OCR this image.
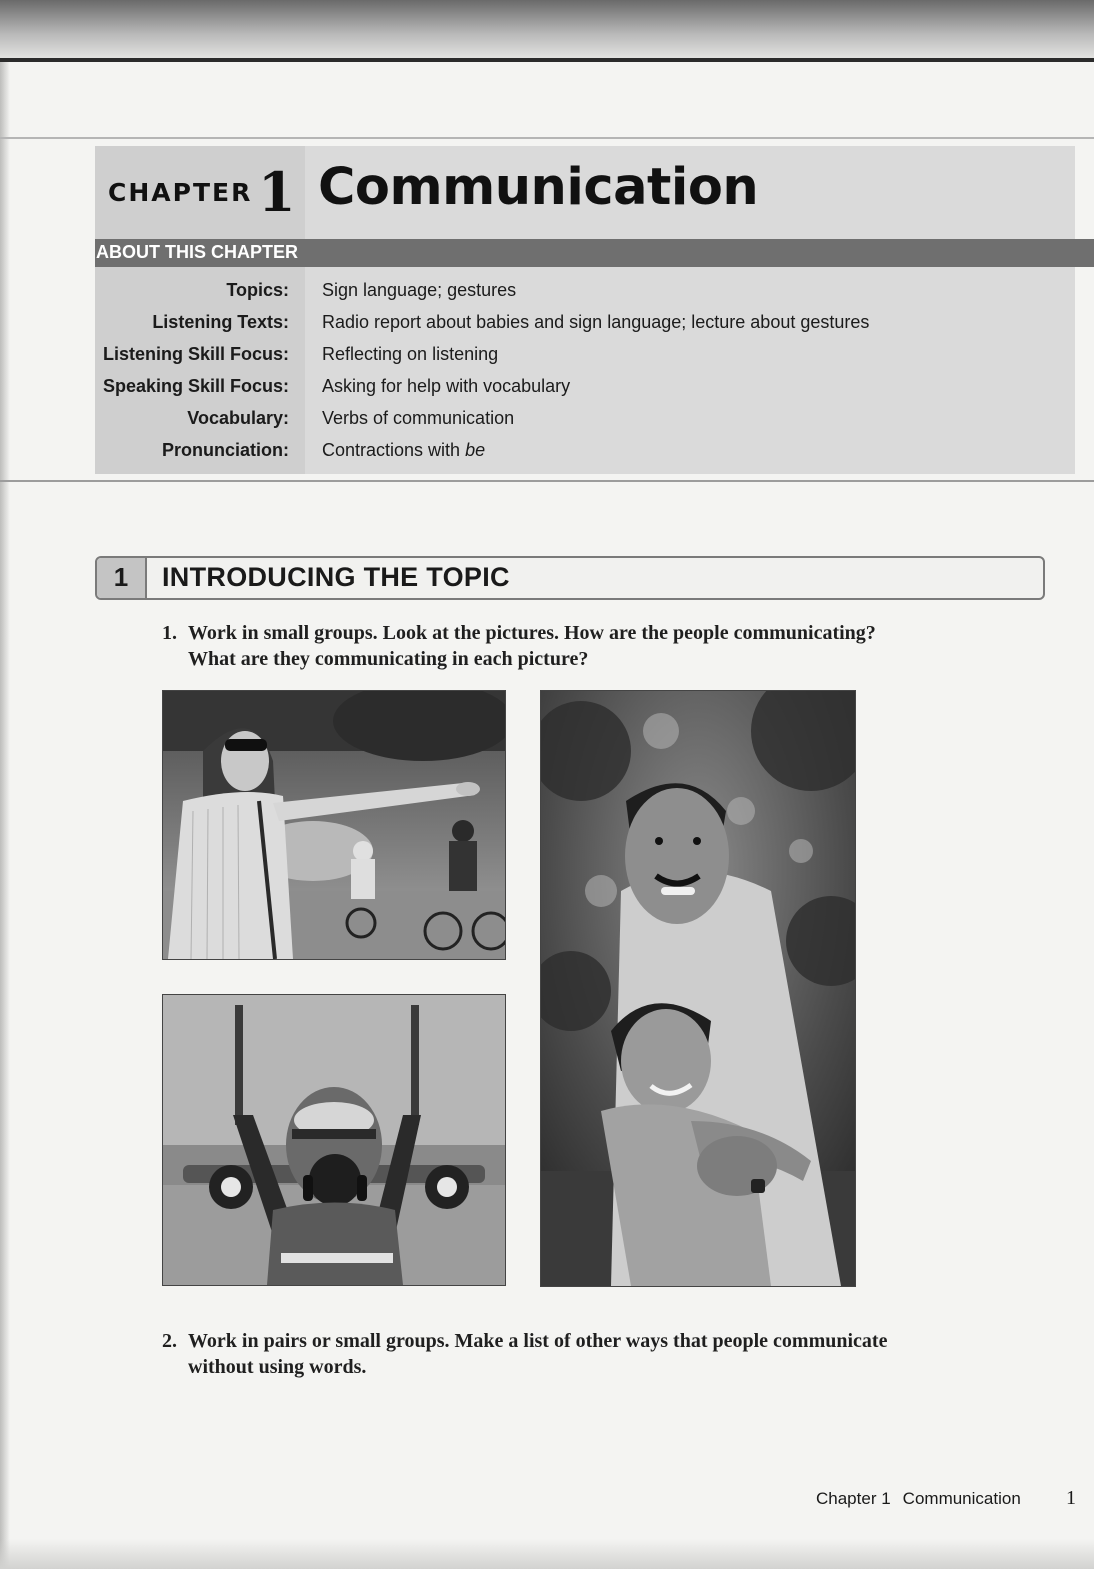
CHAPTER 1 Communication
ABOUT THIS CHAPTER
Topics: Sign language; gestures
Listening Texts: Radio report about babies and sign language; lecture about gestures
Listening Skill Focus: Reflecting on listening
Speaking Skill Focus: Asking for help with vocabulary
Vocabulary: Verbs of communication
Pronunciation: Contractions with be
1	INTRODUCING THE TOPIC
1. Work in small groups. Look at the pictures. How are the people communicating? What are they communicating in each picture?
2. Work in pairs or small groups. Make a list of other ways that people communicate without using words.
Chapter 1 Communication 1
